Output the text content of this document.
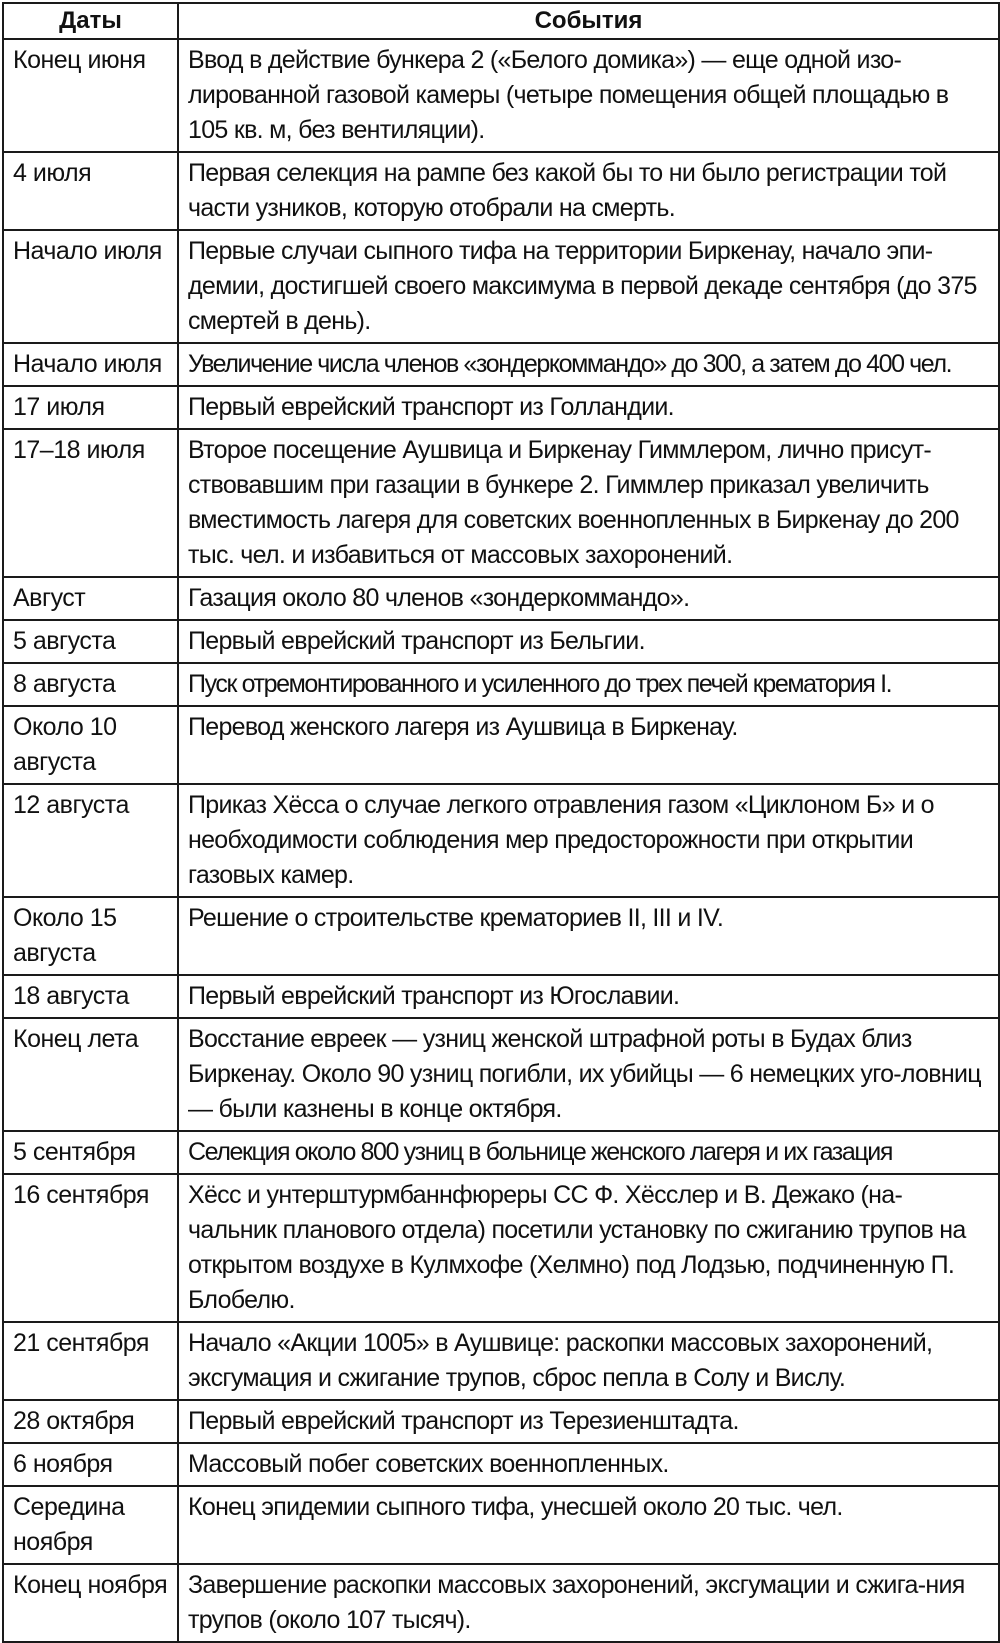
Даты	События
Конец июня	Ввод в действие бункера 2 («Белого домика») — еще одной изо-лированной газовой камеры (четыре помещения общей площадью в 105 кв. м, без вентиляции).
4 июля	Первая селекция на рампе без какой бы то ни было регистрации той части узников, которую отобрали на смерть.
Начало июля	Первые случаи сыпного тифа на территории Биркенау, начало эпи-демии, достигшей своего максимума в первой декаде сентября (до 375 смертей в день).
Начало июля	Увеличение числа членов «зондеркоммандо» до 300, а затем до 400 чел.
17 июля	Первый еврейский транспорт из Голландии.
17–18 июля	Второе посещение Аушвица и Биркенау Гиммлером, лично присут-ствовавшим при газации в бункере 2. Гиммлер приказал увеличить вместимость лагеря для советских военнопленных в Биркенау до 200 тыс. чел. и избавиться от массовых захоронений.
Август	Газация около 80 членов «зондеркоммандо».
5 августа	Первый еврейский транспорт из Бельгии.
8 августа	Пуск отремонтированного и усиленного до трех печей крематория I.
Около 10 августа	Перевод женского лагеря из Аушвица в Биркенау.
12 августа	Приказ Хёсса о случае легкого отравления газом «Циклоном Б» и о необходимости соблюдения мер предосторожности при открытии газовых камер.
Около 15 августа	Решение о строительстве крематориев II, III и IV.
18 августа	Первый еврейский транспорт из Югославии.
Конец лета	Восстание евреек — узниц женской штрафной роты в Будах близ Биркенау. Около 90 узниц погибли, их убийцы — 6 немецких уго-ловниц — были казнены в конце октября.
5 сентября	Селекция около 800 узниц в больнице женского лагеря и их газация
16 сентября	Хёсс и унтерштурмбаннфюреры СС Ф. Хёсслер и В. Дежако (на-чальник планового отдела) посетили установку по сжиганию трупов на открытом воздухе в Кулмхофе (Хелмно) под Лодзью, подчиненную П. Блобелю.
21 сентября	Начало «Акции 1005» в Аушвице: раскопки массовых захоронений, эксгумация и сжигание трупов, сброс пепла в Солу и Вислу.
28 октября	Первый еврейский транспорт из Терезиенштадта.
6 ноября	Массовый побег советских военнопленных.
Середина ноября	Конец эпидемии сыпного тифа, унесшей около 20 тыс. чел.
Конец ноября	Завершение раскопки массовых захоронений, эксгумации и сжига-ния трупов (около 107 тысяч).
